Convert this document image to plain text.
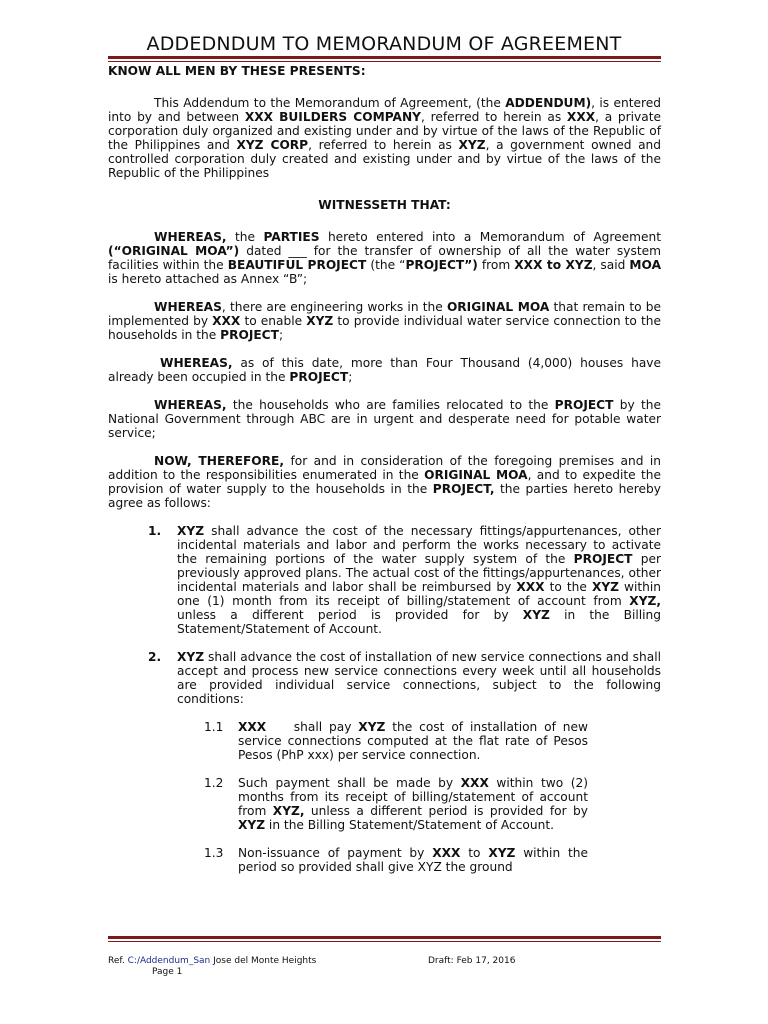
ADDEDNDUM TO MEMORANDUM OF AGREEMENT

KNOW ALL MEN BY THESE PRESENTS:

This Addendum to the Memorandum of Agreement, (the ADDENDUM), is entered into by and between XXX BUILDERS COMPANY, referred to herein as XXX, a private corporation duly organized and existing under and by virtue of the laws of the Republic of the Philippines and XYZ CORP, referred to herein as XYZ, a government owned and controlled corporation duly created and existing under and by virtue of the laws of the Republic of the Philippines

WITNESSETH THAT:

WHEREAS, the PARTIES hereto entered into a Memorandum of Agreement (“ORIGINAL MOA”) dated ___ for the transfer of ownership of all the water system facilities within the BEAUTIFUL PROJECT (the “PROJECT”) from XXX to XYZ, said MOA is hereto attached as Annex “B”;

WHEREAS, there are engineering works in the ORIGINAL MOA that remain to be implemented by XXX to enable XYZ to provide individual water service connection to the households in the PROJECT;

WHEREAS, as of this date, more than Four Thousand (4,000) houses have already been occupied in the PROJECT;

WHEREAS, the households who are families relocated to the PROJECT by the National Government through ABC are in urgent and desperate need for potable water service;

NOW, THEREFORE, for and in consideration of the foregoing premises and in addition to the responsibilities enumerated in the ORIGINAL MOA, and to expedite the provision of water supply to the households in the PROJECT, the parties hereto hereby agree as follows:

1. XYZ shall advance the cost of the necessary fittings/appurtenances, other incidental materials and labor and perform the works necessary to activate the remaining portions of the water supply system of the PROJECT per previously approved plans. The actual cost of the fittings/appurtenances, other incidental materials and labor shall be reimbursed by XXX to the XYZ within one (1) month from its receipt of billing/statement of account from XYZ, unless a different period is provided for by XYZ in the Billing Statement/Statement of Account.
2. XYZ shall advance the cost of installation of new service connections and shall accept and process new service connections every week until all households are provided individual service connections, subject to the following conditions:
1.1 XXX    shall pay XYZ the cost of installation of new service connections computed at the flat rate of Pesos Pesos (PhP xxx) per service connection.
1.2 Such payment shall be made by XXX within two (2) months from its receipt of billing/statement of account from XYZ, unless a different period is provided for by XYZ in the Billing Statement/Statement of Account.
1.3 Non-issuance of payment by XXX to XYZ within the period so provided shall give XYZ the ground
Ref. C:/Addendum_San Jose del Monte Heights	Draft: Feb 17, 2016
Page 1
